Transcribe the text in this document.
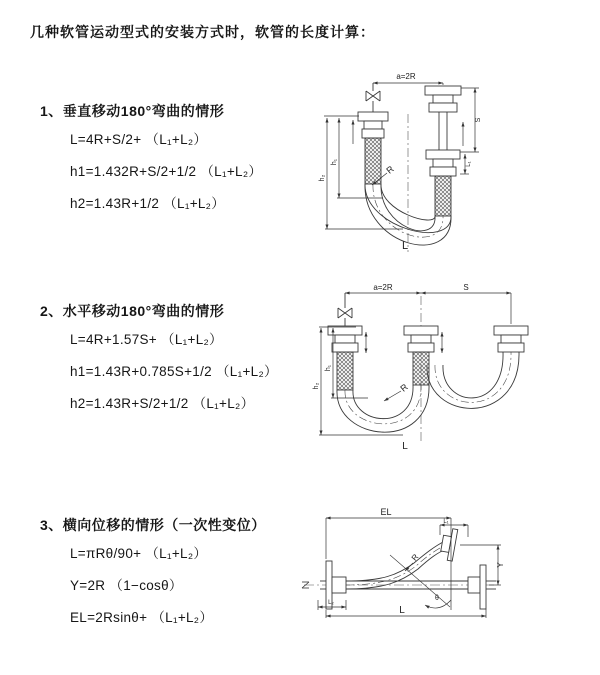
几种软管运动型式的安装方式时，软管的长度计算：
1、垂直移动180°弯曲的情形
L=4R+S/2+ （L₁+L₂）
h1=1.432R+S/2+1/2 （L₁+L₂）
h2=1.43R+1/2 （L₁+L₂）
a=2R
h₂
h₁
S
L₁
R
L
2、水平移动180°弯曲的情形
L=4R+1.57S+ （L₁+L₂）
h1=1.43R+0.785S+1/2 （L₁+L₂）
h2=1.43R+S/2+1/2 （L₁+L₂）
a=2R	S
h₂
h₁
R
L
3、横向位移的情形（一次性变位）
L=πRθ/90+ （L₁+L₂）
Y=2R （1−cosθ）
EL=2Rsinθ+ （L₁+L₂）
EL
L₁
L₂
L
Y
R
θ
